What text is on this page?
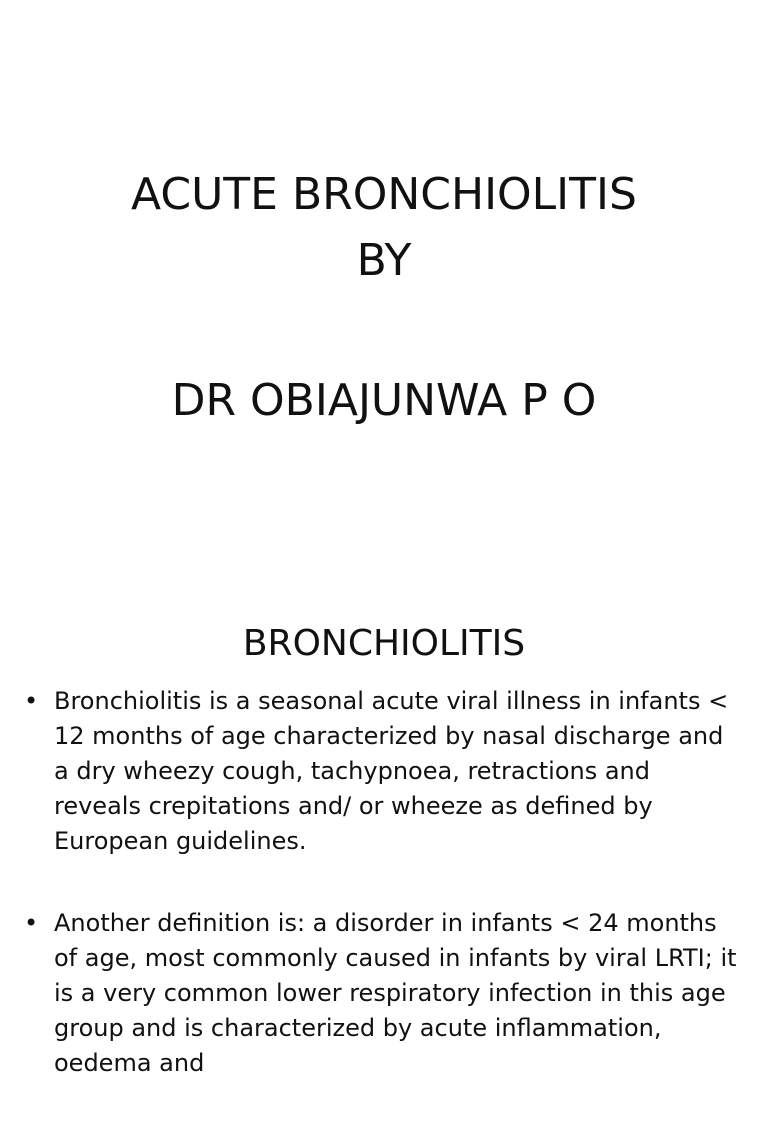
ACUTE BRONCHIOLITIS
BY
DR OBIAJUNWA P O
BRONCHIOLITIS
• Bronchiolitis is a seasonal acute viral illness in infants < 12 months of age characterized by nasal discharge and a dry wheezy cough, tachypnoea, retractions and reveals crepitations and/ or wheeze as defined by European guidelines.
• Another definition is: a disorder in infants < 24 months of age, most commonly caused in infants by viral LRTI; it is a very common lower respiratory infection in this age group and is characterized by acute inflammation, oedema and
